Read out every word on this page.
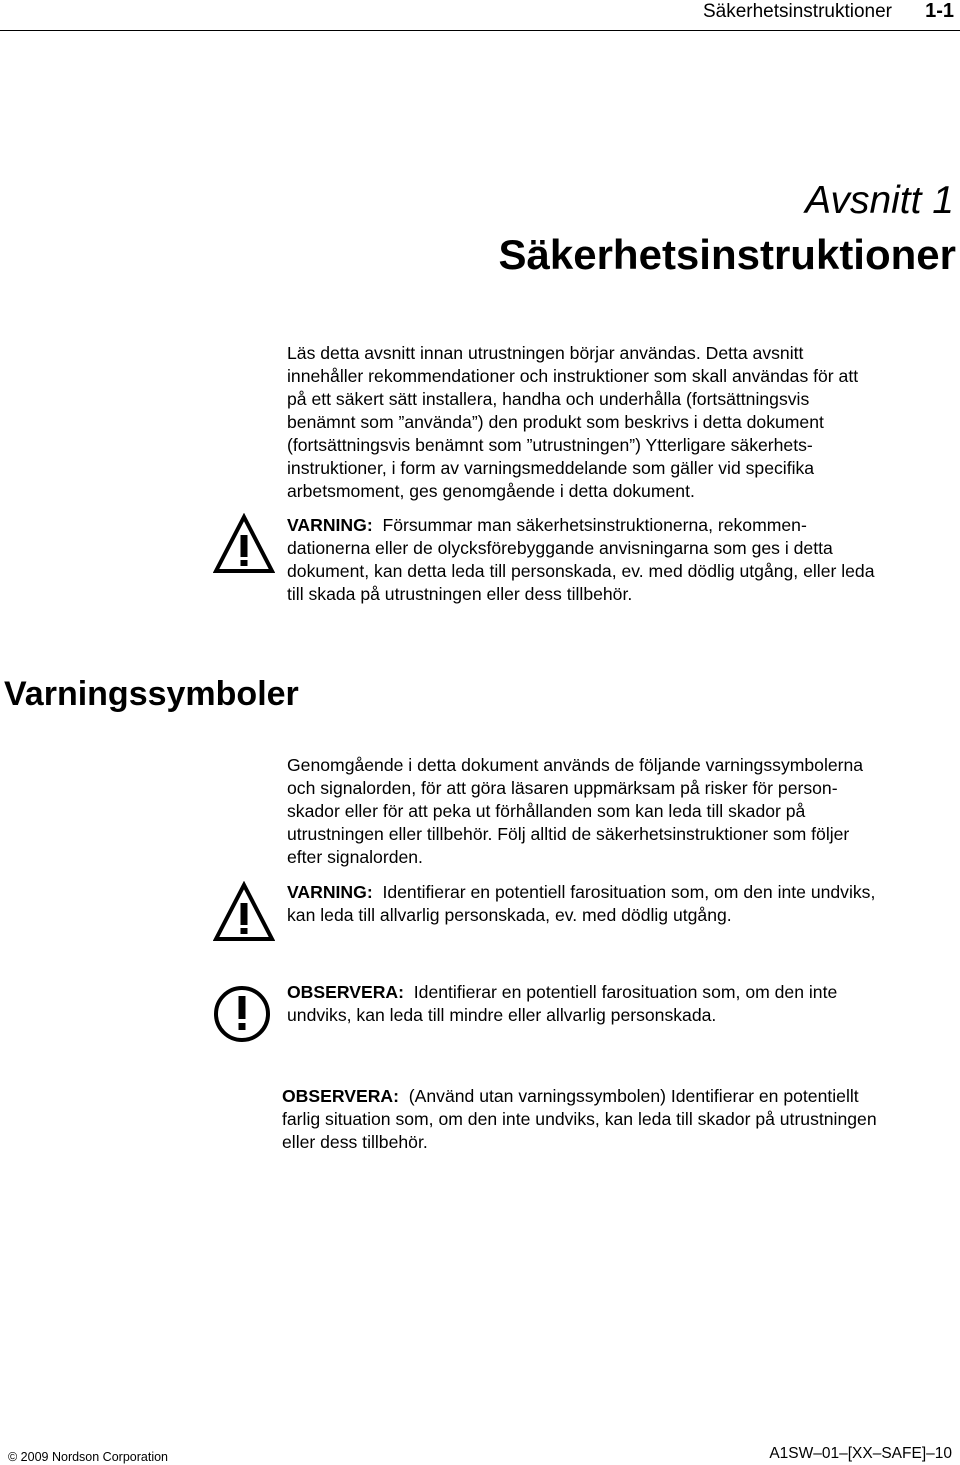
Säkerhetsinstruktioner 1-1
Avsnitt 1
Säkerhetsinstruktioner
Läs detta avsnitt innan utrustningen börjar användas. Detta avsnitt
innehåller rekommendationer och instruktioner som skall användas för att
på ett säkert sätt installera, handha och underhålla (fortsättningsvis
benämnt som ”använda”) den produkt som beskrivs i detta dokument
(fortsättningsvis benämnt som ”utrustningen”) Ytterligare säkerhets-
instruktioner, i form av varningsmeddelande som gäller vid specifika
arbetsmoment, ges genomgående i detta dokument.
VARNING: Försummar man säkerhetsinstruktionerna, rekommen-
dationerna eller de olycksförebyggande anvisningarna som ges i detta
dokument, kan detta leda till personskada, ev. med dödlig utgång, eller leda
till skada på utrustningen eller dess tillbehör.
Varningssymboler
Genomgående i detta dokument används de följande varningssymbolerna
och signalorden, för att göra läsaren uppmärksam på risker för person-
skador eller för att peka ut förhållanden som kan leda till skador på
utrustningen eller tillbehör. Följ alltid de säkerhetsinstruktioner som följer
efter signalorden.
VARNING: Identifierar en potentiell farosituation som, om den inte undviks,
kan leda till allvarlig personskada, ev. med dödlig utgång.
OBSERVERA: Identifierar en potentiell farosituation som, om den inte
undviks, kan leda till mindre eller allvarlig personskada.
OBSERVERA: (Använd utan varningssymbolen) Identifierar en potentiellt
farlig situation som, om den inte undviks, kan leda till skador på utrustningen
eller dess tillbehör.
© 2009 Nordson Corporation	A1SW–01–[XX–SAFE]–10
